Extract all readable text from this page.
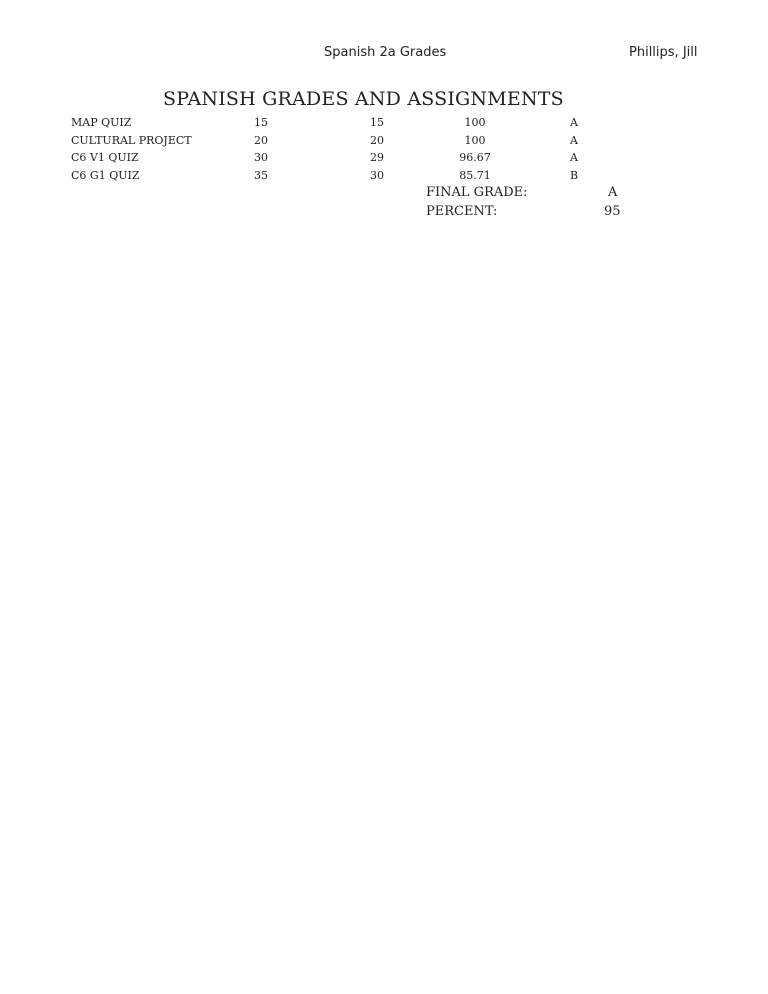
Spanish 2a Grades	Phillips, Jill
SPANISH GRADES AND ASSIGNMENTS
MAP QUIZ	15	15	100	A
CULTURAL PROJECT	20	20	100	A
C6 V1 QUIZ	30	29	96.67	A
C6 G1 QUIZ	35	30	85.71	B
FINAL GRADE:	A
PERCENT:	95
